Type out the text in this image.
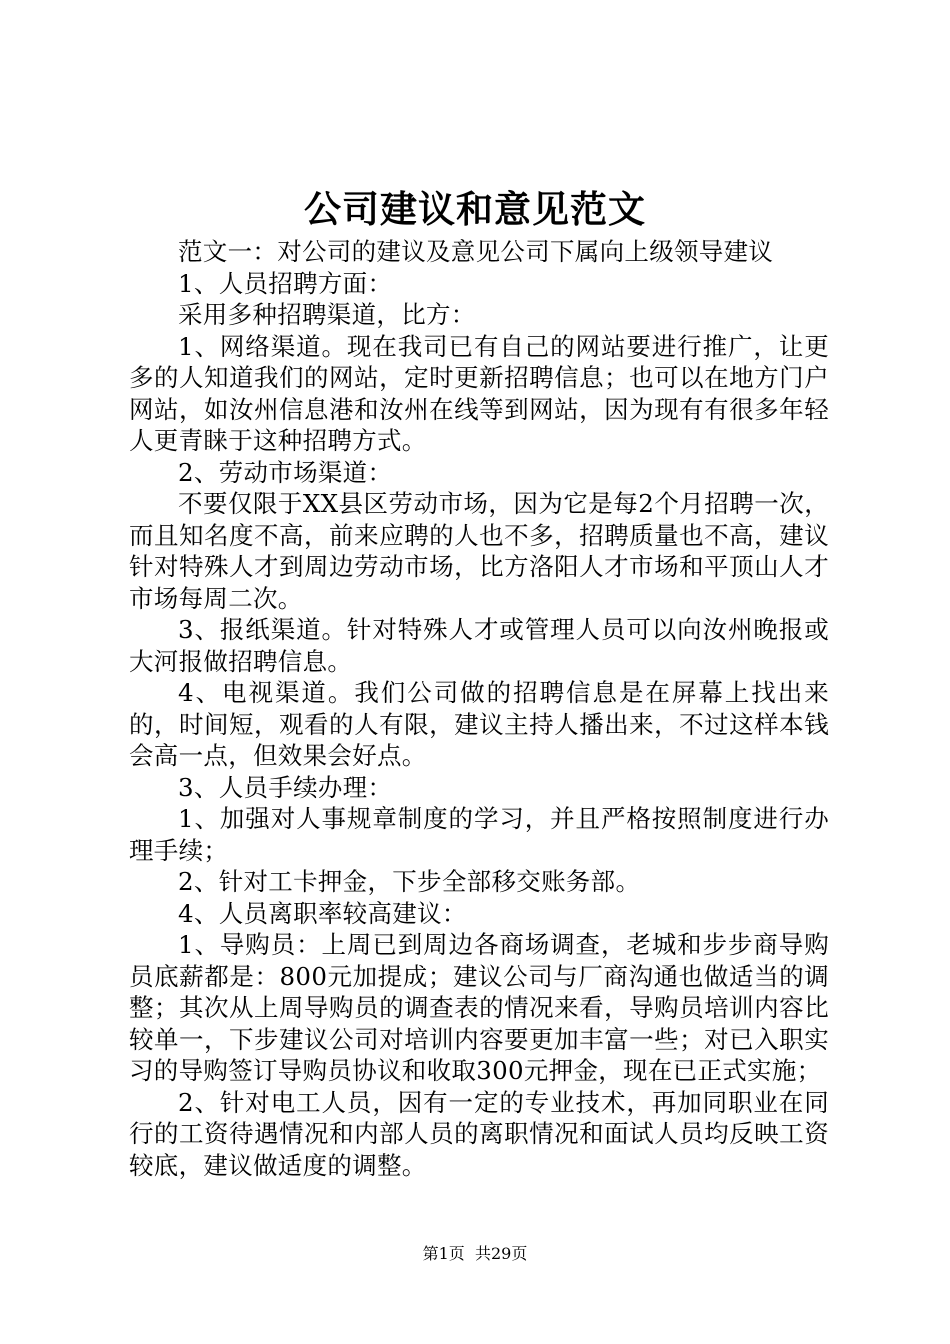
公司建议和意见范文

范文一：对公司的建议及意见公司下属向上级领导建议

1、人员招聘方面：

采用多种招聘渠道，比方：

1、网络渠道。现在我司已有自己的网站要进行推广，让更多的人知道我们的网站，定时更新招聘信息；也可以在地方门户网站，如汝州信息港和汝州在线等到网站，因为现有有很多年轻人更青睐于这种招聘方式。

2、劳动市场渠道：

不要仅限于XX县区劳动市场，因为它是每2个月招聘一次，而且知名度不高，前来应聘的人也不多，招聘质量也不高，建议针对特殊人才到周边劳动市场，比方洛阳人才市场和平顶山人才市场每周二次。

3、报纸渠道。针对特殊人才或管理人员可以向汝州晚报或大河报做招聘信息。

4、电视渠道。我们公司做的招聘信息是在屏幕上找出来的，时间短，观看的人有限，建议主持人播出来，不过这样本钱会高一点，但效果会好点。

3、人员手续办理：

1、加强对人事规章制度的学习，并且严格按照制度进行办理手续；

2、针对工卡押金，下步全部移交账务部。

4、人员离职率较高建议：

1、导购员：上周已到周边各商场调查，老城和步步商导购员底薪都是：800元加提成；建议公司与厂商沟通也做适当的调整；其次从上周导购员的调查表的情况来看，导购员培训内容比较单一，下步建议公司对培训内容要更加丰富一些；对已入职实习的导购签订导购员协议和收取300元押金，现在已正式实施；

2、针对电工人员，因有一定的专业技术，再加同职业在同行的工资待遇情况和内部人员的离职情况和面试人员均反映工资较底，建议做适度的调整。

第1页 共29页
